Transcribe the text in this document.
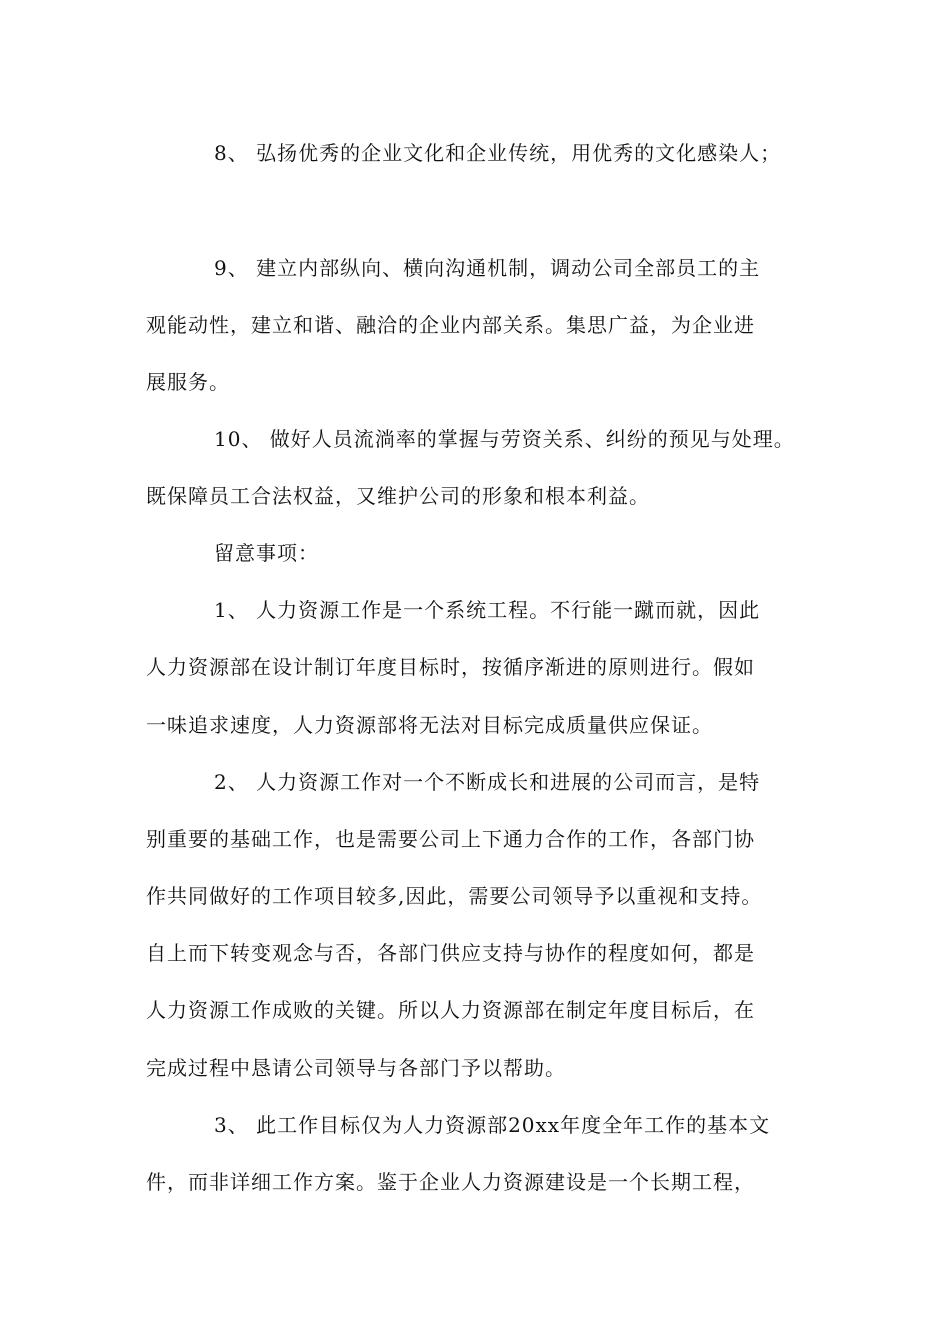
8、 弘扬优秀的企业文化和企业传统，用优秀的文化感染人；
9、 建立内部纵向、横向沟通机制，调动公司全部员工的主
观能动性，建立和谐、融洽的企业内部关系。集思广益，为企业进
展服务。
10、 做好人员流淌率的掌握与劳资关系、纠纷的预见与处理。
既保障员工合法权益，又维护公司的形象和根本利益。
留意事项：
1、 人力资源工作是一个系统工程。不行能一蹴而就，因此
人力资源部在设计制订年度目标时，按循序渐进的原则进行。假如
一味追求速度，人力资源部将无法对目标完成质量供应保证。
2、 人力资源工作对一个不断成长和进展的公司而言，是特
别重要的基础工作，也是需要公司上下通力合作的工作，各部门协
作共同做好的工作项目较多,因此，需要公司领导予以重视和支持。
自上而下转变观念与否，各部门供应支持与协作的程度如何，都是
人力资源工作成败的关键。所以人力资源部在制定年度目标后，在
完成过程中恳请公司领导与各部门予以帮助。
3、 此工作目标仅为人力资源部20xx年度全年工作的基本文
件，而非详细工作方案。鉴于企业人力资源建设是一个长期工程，
